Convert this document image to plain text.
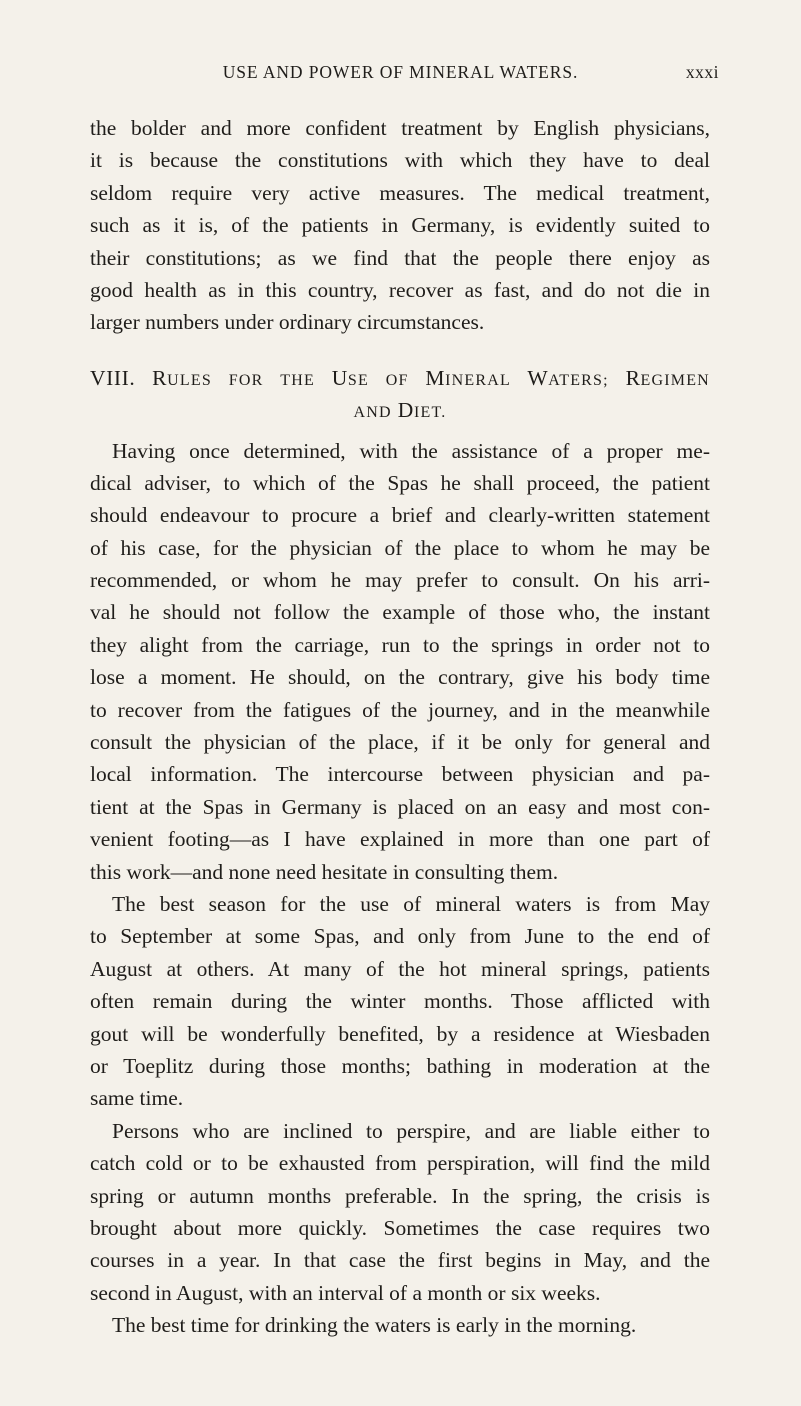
USE AND POWER OF MINERAL WATERS.	xxxi
the bolder and more confident treatment by English physicians,
it is because the constitutions with which they have to deal
seldom require very active measures. The medical treatment,
such as it is, of the patients in Germany, is evidently suited to
their constitutions; as we find that the people there enjoy as
good health as in this country, recover as fast, and do not die in
larger numbers under ordinary circumstances.
VIII. RULES FOR THE USE OF MINERAL WATERS; REGIMEN
AND DIET.
Having once determined, with the assistance of a proper me-
dical adviser, to which of the Spas he shall proceed, the patient
should endeavour to procure a brief and clearly-written statement
of his case, for the physician of the place to whom he may be
recommended, or whom he may prefer to consult. On his arri-
val he should not follow the example of those who, the instant
they alight from the carriage, run to the springs in order not to
lose a moment. He should, on the contrary, give his body time
to recover from the fatigues of the journey, and in the meanwhile
consult the physician of the place, if it be only for general and
local information. The intercourse between physician and pa-
tient at the Spas in Germany is placed on an easy and most con-
venient footing—as I have explained in more than one part of
this work—and none need hesitate in consulting them.
The best season for the use of mineral waters is from May
to September at some Spas, and only from June to the end of
August at others. At many of the hot mineral springs, patients
often remain during the winter months. Those afflicted with
gout will be wonderfully benefited, by a residence at Wiesbaden
or Toeplitz during those months; bathing in moderation at the
same time.
Persons who are inclined to perspire, and are liable either to
catch cold or to be exhausted from perspiration, will find the mild
spring or autumn months preferable. In the spring, the crisis is
brought about more quickly. Sometimes the case requires two
courses in a year. In that case the first begins in May, and the
second in August, with an interval of a month or six weeks.
The best time for drinking the waters is early in the morning.
